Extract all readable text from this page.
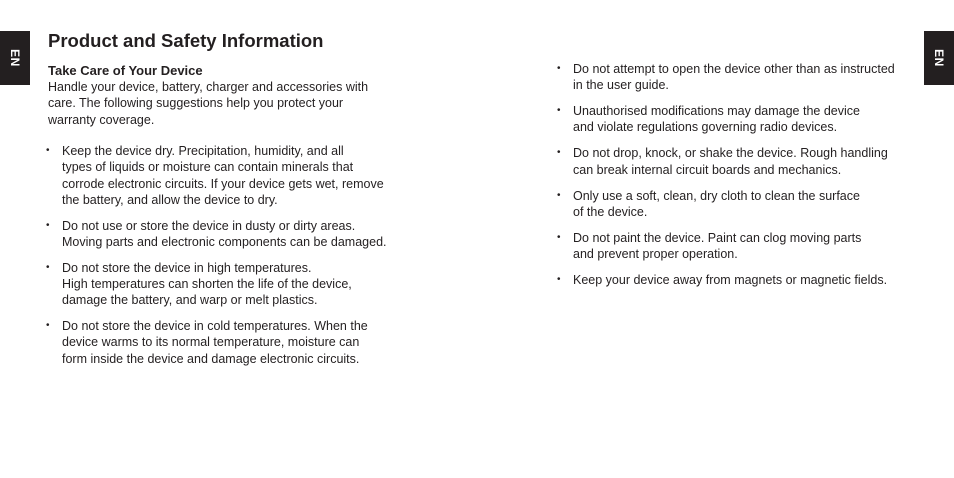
EN	EN
Product and Safety Information
Take Care of Your Device

Handle your device, battery, charger and accessories with
care. The following suggestions help you protect your
warranty coverage.

• Keep the device dry. Precipitation, humidity, and all
types of liquids or moisture can contain minerals that
corrode electronic circuits. If your device gets wet, remove
the battery, and allow the device to dry.
• Do not use or store the device in dusty or dirty areas.
Moving parts and electronic components can be damaged.
• Do not store the device in high temperatures.
High temperatures can shorten the life of the device,
damage the battery, and warp or melt plastics.
• Do not store the device in cold temperatures. When the
device warms to its normal temperature, moisture can
form inside the device and damage electronic circuits.
• Do not attempt to open the device other than as instructed
in the user guide.
• Unauthorised modifications may damage the device
and violate regulations governing radio devices.
• Do not drop, knock, or shake the device. Rough handling
can break internal circuit boards and mechanics.
• Only use a soft, clean, dry cloth to clean the surface
of the device.
• Do not paint the device. Paint can clog moving parts
and prevent proper operation.
• Keep your device away from magnets or magnetic fields.
